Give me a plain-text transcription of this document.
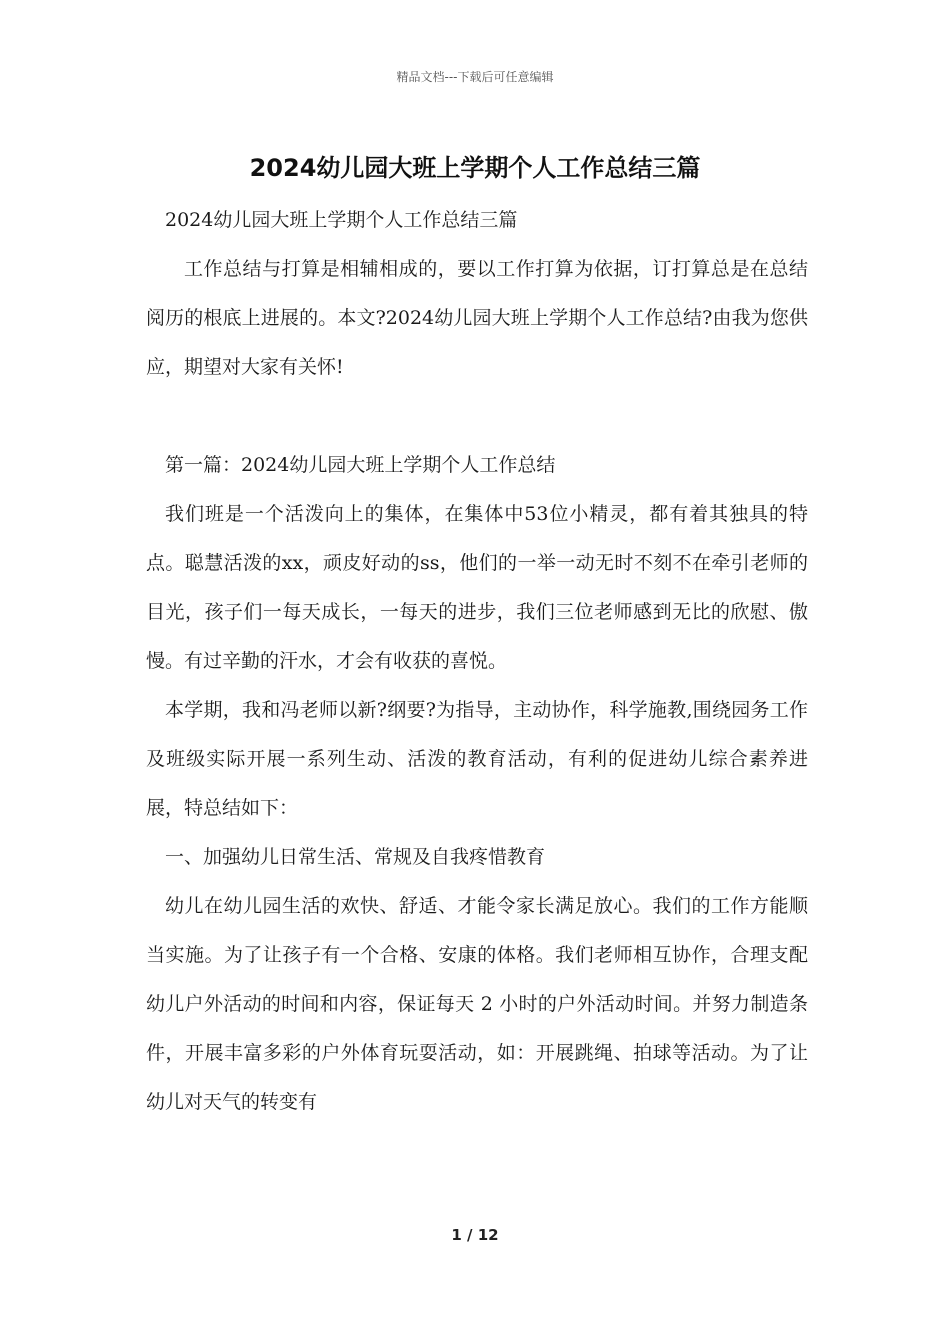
精品文档---下载后可任意编辑
2024幼儿园大班上学期个人工作总结三篇

2024幼儿园大班上学期个人工作总结三篇

工作总结与打算是相辅相成的，要以工作打算为依据，订打算总是在总结阅历的根底上进展的。本文?2024幼儿园大班上学期个人工作总结?由我为您供应，期望对大家有关怀!

第一篇：2024幼儿园大班上学期个人工作总结

我们班是一个活泼向上的集体，在集体中53位小精灵，都有着其独具的特点。聪慧活泼的xx，顽皮好动的ss，他们的一举一动无时不刻不在牵引老师的目光，孩子们一每天成长，一每天的进步，我们三位老师感到无比的欣慰、傲慢。有过辛勤的汗水，才会有收获的喜悦。

本学期，我和冯老师以新?纲要?为指导，主动协作，科学施教,围绕园务工作及班级实际开展一系列生动、活泼的教育活动，有利的促进幼儿综合素养进展，特总结如下：

一、加强幼儿日常生活、常规及自我疼惜教育

幼儿在幼儿园生活的欢快、舒适、才能令家长满足放心。我们的工作方能顺当实施。为了让孩子有一个合格、安康的体格。我们老师相互协作，合理支配幼儿户外活动的时间和内容，保证每天 2 小时的户外活动时间。并努力制造条件，开展丰富多彩的户外体育玩耍活动，如：开展跳绳、拍球等活动。为了让幼儿对天气的转变有

1 / 12
